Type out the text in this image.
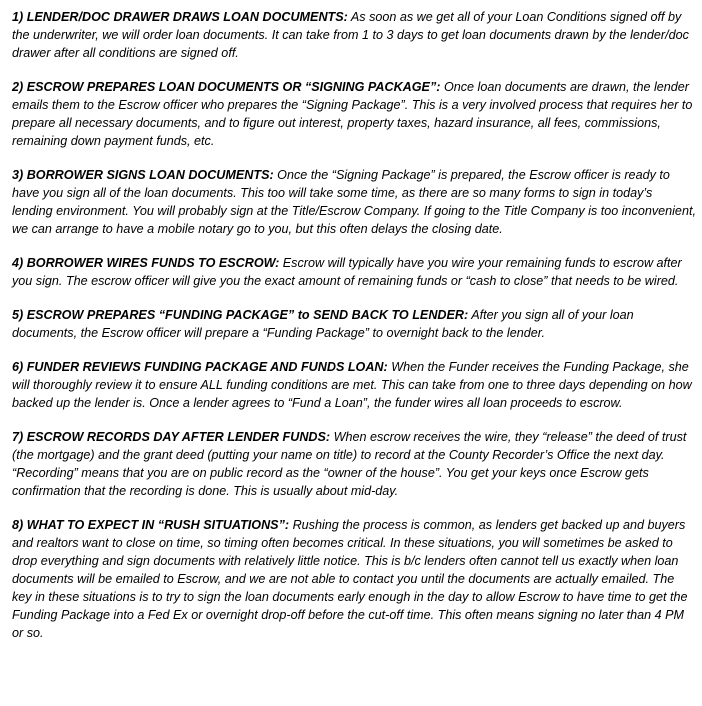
1) LENDER/DOC DRAWER DRAWS LOAN DOCUMENTS: As soon as we get all of your Loan Conditions signed off by the underwriter, we will order loan documents. It can take from 1 to 3 days to get loan documents drawn by the lender/doc drawer after all conditions are signed off.

2) ESCROW PREPARES LOAN DOCUMENTS OR “SIGNING PACKAGE”: Once loan documents are drawn, the lender emails them to the Escrow officer who prepares the “Signing Package”. This is a very involved process that requires her to prepare all necessary documents, and to figure out interest, property taxes, hazard insurance, all fees, commissions, remaining down payment funds, etc.

3) BORROWER SIGNS LOAN DOCUMENTS: Once the “Signing Package” is prepared, the Escrow officer is ready to have you sign all of the loan documents. This too will take some time, as there are so many forms to sign in today’s lending environment. You will probably sign at the Title/Escrow Company. If going to the Title Company is too inconvenient, we can arrange to have a mobile notary go to you, but this often delays the closing date.

4) BORROWER WIRES FUNDS TO ESCROW: Escrow will typically have you wire your remaining funds to escrow after you sign. The escrow officer will give you the exact amount of remaining funds or “cash to close” that needs to be wired.

5) ESCROW PREPARES “FUNDING PACKAGE” to SEND BACK TO LENDER: After you sign all of your loan documents, the Escrow officer will prepare a “Funding Package” to overnight back to the lender.

6) FUNDER REVIEWS FUNDING PACKAGE AND FUNDS LOAN: When the Funder receives the Funding Package, she will thoroughly review it to ensure ALL funding conditions are met. This can take from one to three days depending on how backed up the lender is. Once a lender agrees to “Fund a Loan”, the funder wires all loan proceeds to escrow.

7) ESCROW RECORDS DAY AFTER LENDER FUNDS: When escrow receives the wire, they “release” the deed of trust (the mortgage) and the grant deed (putting your name on title) to record at the County Recorder’s Office the next day. “Recording” means that you are on public record as the “owner of the house”. You get your keys once Escrow gets confirmation that the recording is done. This is usually about mid-day.

8) WHAT TO EXPECT IN “RUSH SITUATIONS”: Rushing the process is common, as lenders get backed up and buyers and realtors want to close on time, so timing often becomes critical. In these situations, you will sometimes be asked to drop everything and sign documents with relatively little notice. This is b/c lenders often cannot tell us exactly when loan documents will be emailed to Escrow, and we are not able to contact you until the documents are actually emailed. The key in these situations is to try to sign the loan documents early enough in the day to allow Escrow to have time to get the Funding Package into a Fed Ex or overnight drop-off before the cut-off time. This often means signing no later than 4 PM or so.
